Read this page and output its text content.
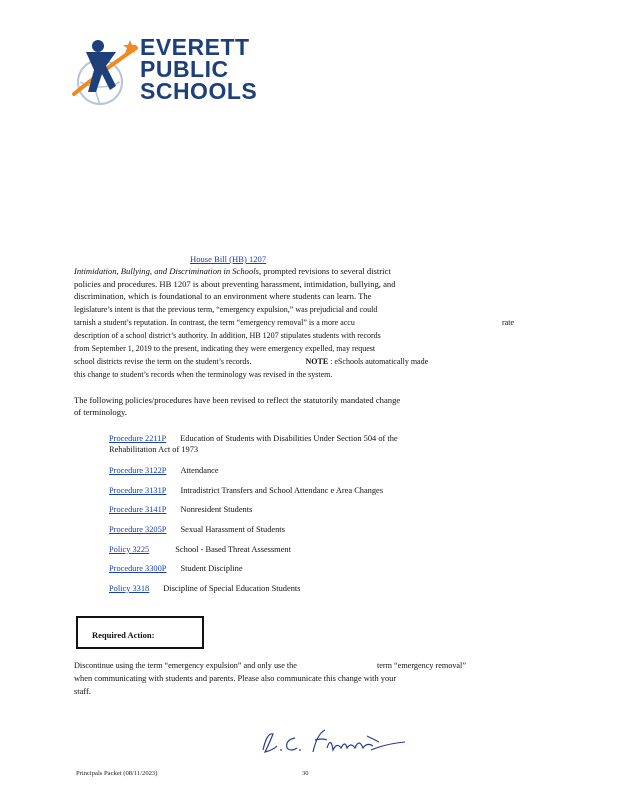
EVERETT
PUBLIC
SCHOOLS
House Bill (HB) 1207
Intimidation, Bullying, and Discrimination in Schools, prompted revisions to several district
policies and procedures. HB 1207 is about preventing harassment, intimidation, bullying, and
discrimination, which is foundational to an environment where students can learn. The
legislature’s intent is that the previous term, “emergency expulsion,” was prejudicial and could
tarnish a student’s reputation. In contrast, the term “emergency removal” is a more accu	rate
description of a school district’s authority. In addition, HB 1207 stipulates students with records
from September 1, 2019 to the present, indicating they were emergency expelled, may request
school districts revise the term on the student’s records.	NOTE : eSchools automatically made
this change to student’s records when the terminology was revised in the system.
The following policies/procedures have been revised to reflect the statutorily mandated change
of terminology.
Procedure 2211P Education of Students with Disabilities Under Section 504 of the
Rehabilitation Act of 1973
Procedure 3122P Attendance
Procedure 3131P Intradistrict Transfers and School Attendanc e Area Changes
Procedure 3141P Nonresident Students
Procedure 3205P Sexual Harassment of Students
Policy 3225	School - Based Threat Assessment
Procedure 3300P Student Discipline
Policy 3318 Discipline of Special Education Students
Required Action:
Discontinue using the term “emergency expulsion” and only use the	term “emergency removal”
when communicating with students and parents. Please also communicate this change with your
staff.
Principals Packet (08/11/2023)	30
